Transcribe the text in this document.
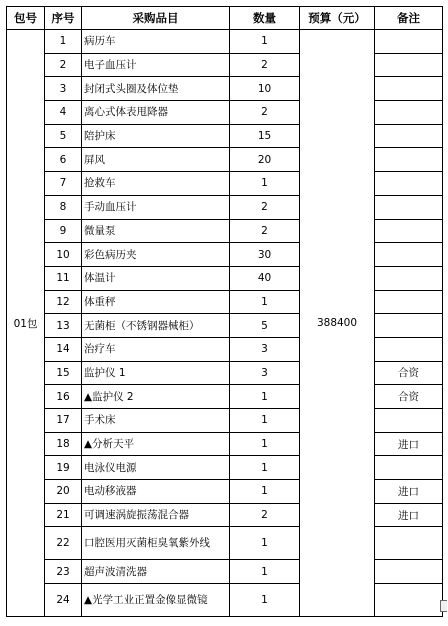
包号	序号	采购品目	数量	预算（元）	备注
01包	1	病历车	1	388400	
	2	电子血压计	2		
	3	封闭式头圈及体位垫	10		
	4	离心式体表甩降器	2		
	5	陪护床	15		
	6	屏风	20		
	7	抢救车	1		
	8	手动血压计	2		
	9	微量泵	2		
	10	彩色病历夹	30		
	11	体温计	40		
	12	体重秤	1		
	13	无菌柜（不锈钢器械柜）	5		
	14	治疗车	3		
	15	监护仪 1	3		合资
	16	▲监护仪 2	1		合资
	17	手术床	1		
	18	▲分析天平	1		进口
	19	电泳仪电源	1		
	20	电动移液器	1		进口
	21	可调速涡旋振荡混合器	2		进口
	22	口腔医用灭菌柜臭氧紫外线	1		
	23	超声波清洗器	1		
	24	▲光学工业正置金像显微镜	1		
